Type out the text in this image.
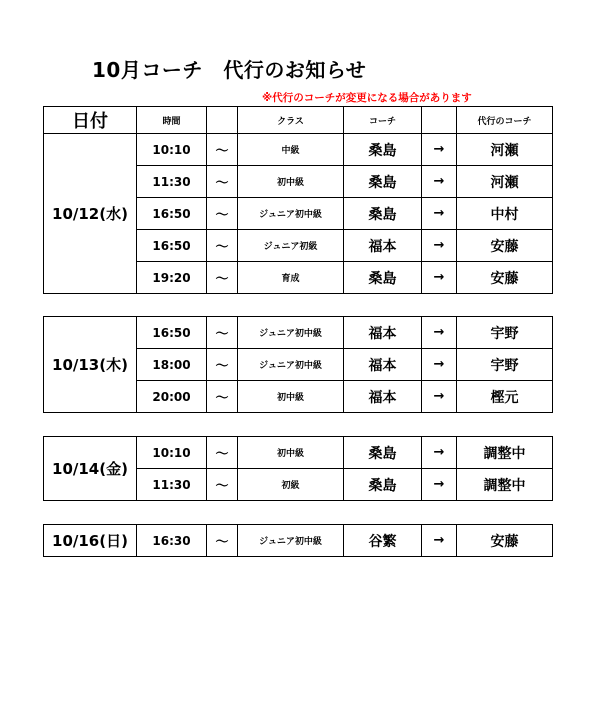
10月コーチ　代行のお知らせ
※代行のコーチが変更になる場合があります
日付	時間		クラス	コーチ		代行のコーチ
10/12(水)	10:10	～	中級	桑島	→	河瀬
	11:30	～	初中級	桑島	→	河瀬
	16:50	～	ジュニア初中級	桑島	→	中村
	16:50	～	ジュニア初級	福本	→	安藤
	19:20	～	育成	桑島	→	安藤
10/13(木)	16:50	～	ジュニア初中級	福本	→	宇野
	18:00	～	ジュニア初中級	福本	→	宇野
	20:00	～	初中級	福本	→	樫元
10/14(金)	10:10	～	初中級	桑島	→	調整中
	11:30	～	初級	桑島	→	調整中
10/16(日)	16:30	～	ジュニア初中級	谷繁	→	安藤
